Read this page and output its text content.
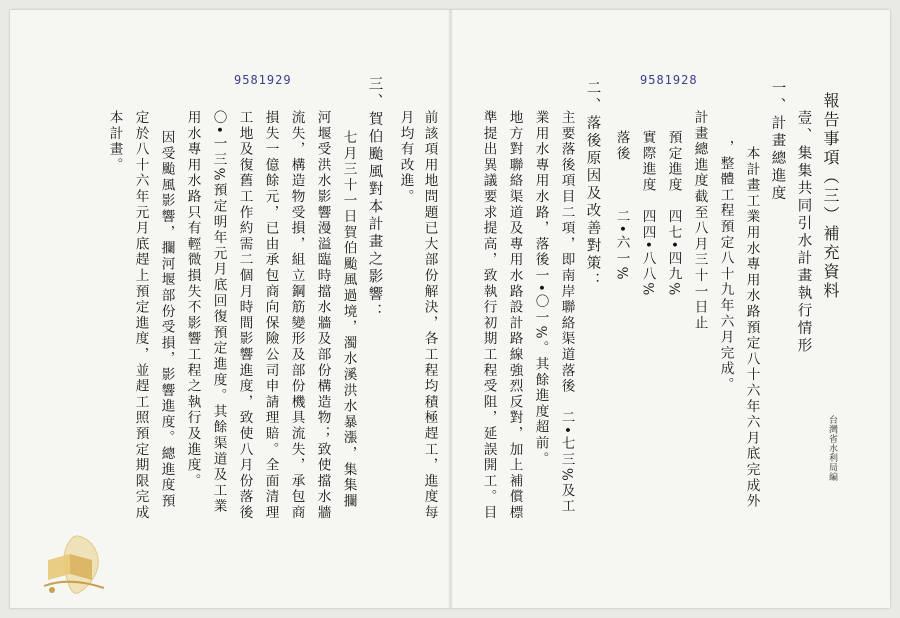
9581929
前該項用地問題已大部份解決，各工程均積極趕工，進度每
月均有改進。
三、賀伯颱風對本計畫之影響：
七月三十一日賀伯颱風過境，濁水溪洪水暴漲，集集攔
河堰受洪水影響漫溢臨時擋水牆及部份構造物；致使擋水牆
流失，構造物受損，組立鋼筋變形及部份機具流失，承包商
損失一億餘元，已由承包商向保險公司申請理賠。全面清理
工地及復舊工作約需二個月時間影響進度，致使八月份落後
〇•一三%預定明年元月底回復預定進度。其餘渠道及工業
用水專用水路只有輕微損失不影響工程之執行及進度。
因受颱風影響，攔河堰部份受損，影響進度。總進度預
定於八十六年元月底趕上預定進度，並趕工照預定期限完成
本計畫。
9581928
報告事項（三）補充資料
壹、集集共同引水計畫執行情形
一、計畫總進度
本計畫工業用水專用水路預定八十六年六月底完成外
，整體工程預定八十九年六月完成。
計畫總進度截至八月三十一日止
預定進度　四七•四九%
實際進度　四四•八八%
落後　　　二•六一%
二、落後原因及改善對策：
主要落後項目二項，即南岸聯絡渠道落後　二•七三%及工
業用水專用水路，落後一•〇一%。其餘進度超前。
地方對聯絡渠道及專用水路設計路線強烈反對，加上補償標
準提出異議要求提高，致執行初期工程受阻，延誤開工。目	台灣省水利局編
